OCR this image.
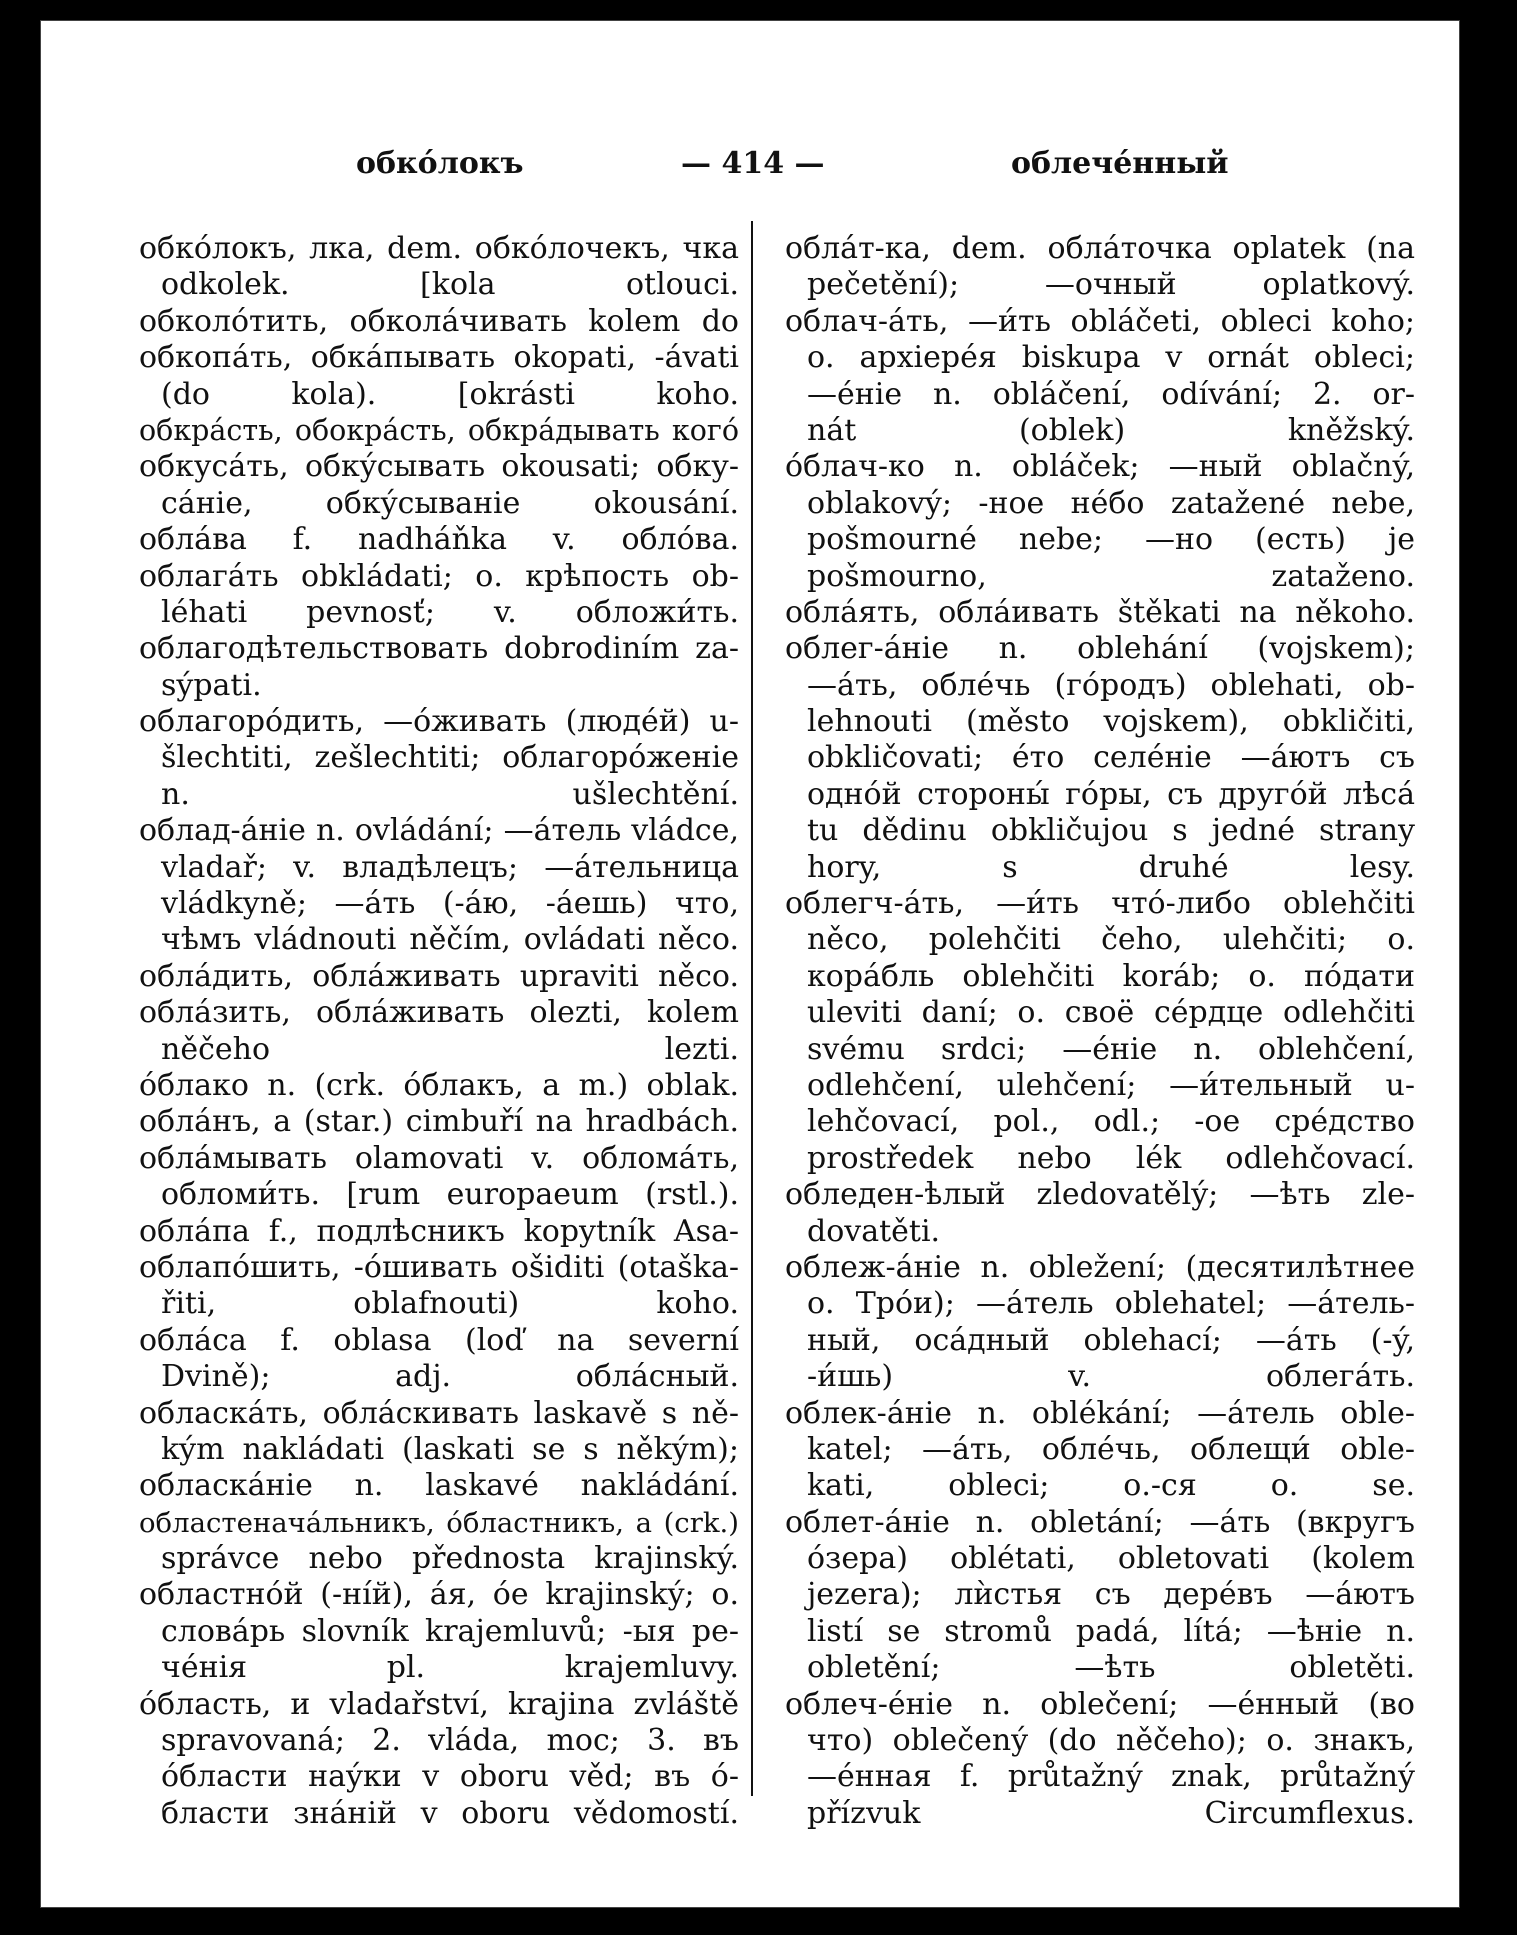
обкóлокъ	— 414 —	облечéнный
обкóлокъ, лка, dem. обкóлочекъ, чка
odkolek. [kola otlouci.
обколóтить, обколáчивать kolem do
обкопáть, обкáпывать okopati, -ávati
(do kola). [okrásti koho.
обкрáсть, обокрáсть, обкрáдывать когó
обкусáть, обкýсывать okousati; обку-
сáніе, обкýсываніе okousání.
облáва f. nadháňka v. облóва.
облагáть obkládati; о. крѣпость ob-
léhati pevnosť; v. обложи́ть.
облагодѣтельствовать dobrodiním za-
sýpati.
облагорóдить, —óживать (людéй) u-
šlechtiti, zešlechtiti; облагорóженіе
n. ušlechtění.
облад-áніе n. ovládání; —áтель vládce,
vladař; v. владѣлецъ; —áтельница
vládkyně; —áть (-áю, -áешь) что,
чѣмъ vládnouti něčím, ovládati něco.
облáдить, облáживать upraviti něco.
облáзить, облáживать olezti, kolem
něčeho lezti.
óблако n. (crk. óблакъ, a m.) oblak.
облáнъ, a (star.) cimbuří na hradbách.
облáмывать olamovati v. обломáть,
обломи́ть. [rum europaeum (rstl.).
облáпа f., подлѣсникъ kopytník Asa-
облапóшить, -óшивать ošiditi (otaška-
řiti, oblafnouti) koho.
облáса f. oblasa (loď na severní
Dvině); adj. облáсный.
обласкáть, облáскивать laskavě s ně-
kým nakládati (laskati se s někým);
обласкáніе n. laskavé nakládání.
областеначáльникъ, óбластникъ, a (crk.)
správce nebo přednosta krajinský.
областнóй (-нíй), áя, óе krajinský; о.
словáрь slovník krajemluvů; -ыя ре-
чéнія pl. krajemluvy.
óбласть, и vladařství, krajina zvláště
spravovaná; 2. vláda, moc; 3. въ
óбласти наýки v oboru věd; въ ó-
бласти знáній v oboru vědomostí.
облáт-ка, dem. облáточка oplatek (na
pečetění); —очный oplatkový.
облач-áть, —и́ть obláčeti, obleci koho;
о. архіерéя biskupa v ornát obleci;
—éніе n. obláčení, odívání; 2. or-
nát (oblek) kněžský.
óблач-ко n. obláček; —ный oblačný,
oblakový; -ное нéбо zatažené nebe,
pošmourné nebe; —но (есть) je
pošmourno, zataženo.
облáять, облáивать štěkati na někoho.
облег-áніе n. oblehání (vojskem);
—áть, облéчь (гóродъ) oblehati, ob-
lehnouti (město vojskem), obkličiti,
obkličovati; éто селéніе —áютъ съ
однóй стороны́ гóры, съ другóй лѣсá
tu dědinu obkličujou s jedné strany
hory, s druhé lesy.
облегч-áть, —и́ть чтó-либо oblehčiti
něco, polehčiti čeho, ulehčiti; о.
корáбль oblehčiti koráb; о. пóдати
uleviti daní; о. своё сéрдце odlehčiti
svému srdci; —éніе n. oblehčení,
odlehčení, ulehčení; —и́тельный u-
lehčovací, pol., odl.; -ое срéдство
prostředek nebo lék odlehčovací.
обледен-ѣлый zledovatělý; —ѣть zle-
dovatěti.
облеж-áніе n. obležení; (десятилѣтнее
о. Трóи); —áтель oblehatel; —áтель-
ный, осáдный oblehací; —áть (-ý,
-и́шь) v. облегáть.
облек-áніе n. oblékání; —áтель oble-
katel; —áть, облéчь, облещи́ oble-
kati, obleci; о.-ся о. se.
облет-áніе n. obletání; —áть (вкругъ
óзера) oblétati, obletovati (kolem
jezera); лѝстья съ дерéвъ —áютъ
listí se stromů padá, lítá; —ѣніе n.
obletění; —ѣть obletěti.
облеч-éніе n. oblečení; —éнный (во
что) oblečený (do něčeho); о. знакъ,
—éнная f. průtažný znak, průtažný
přízvuk Circumflexus.
